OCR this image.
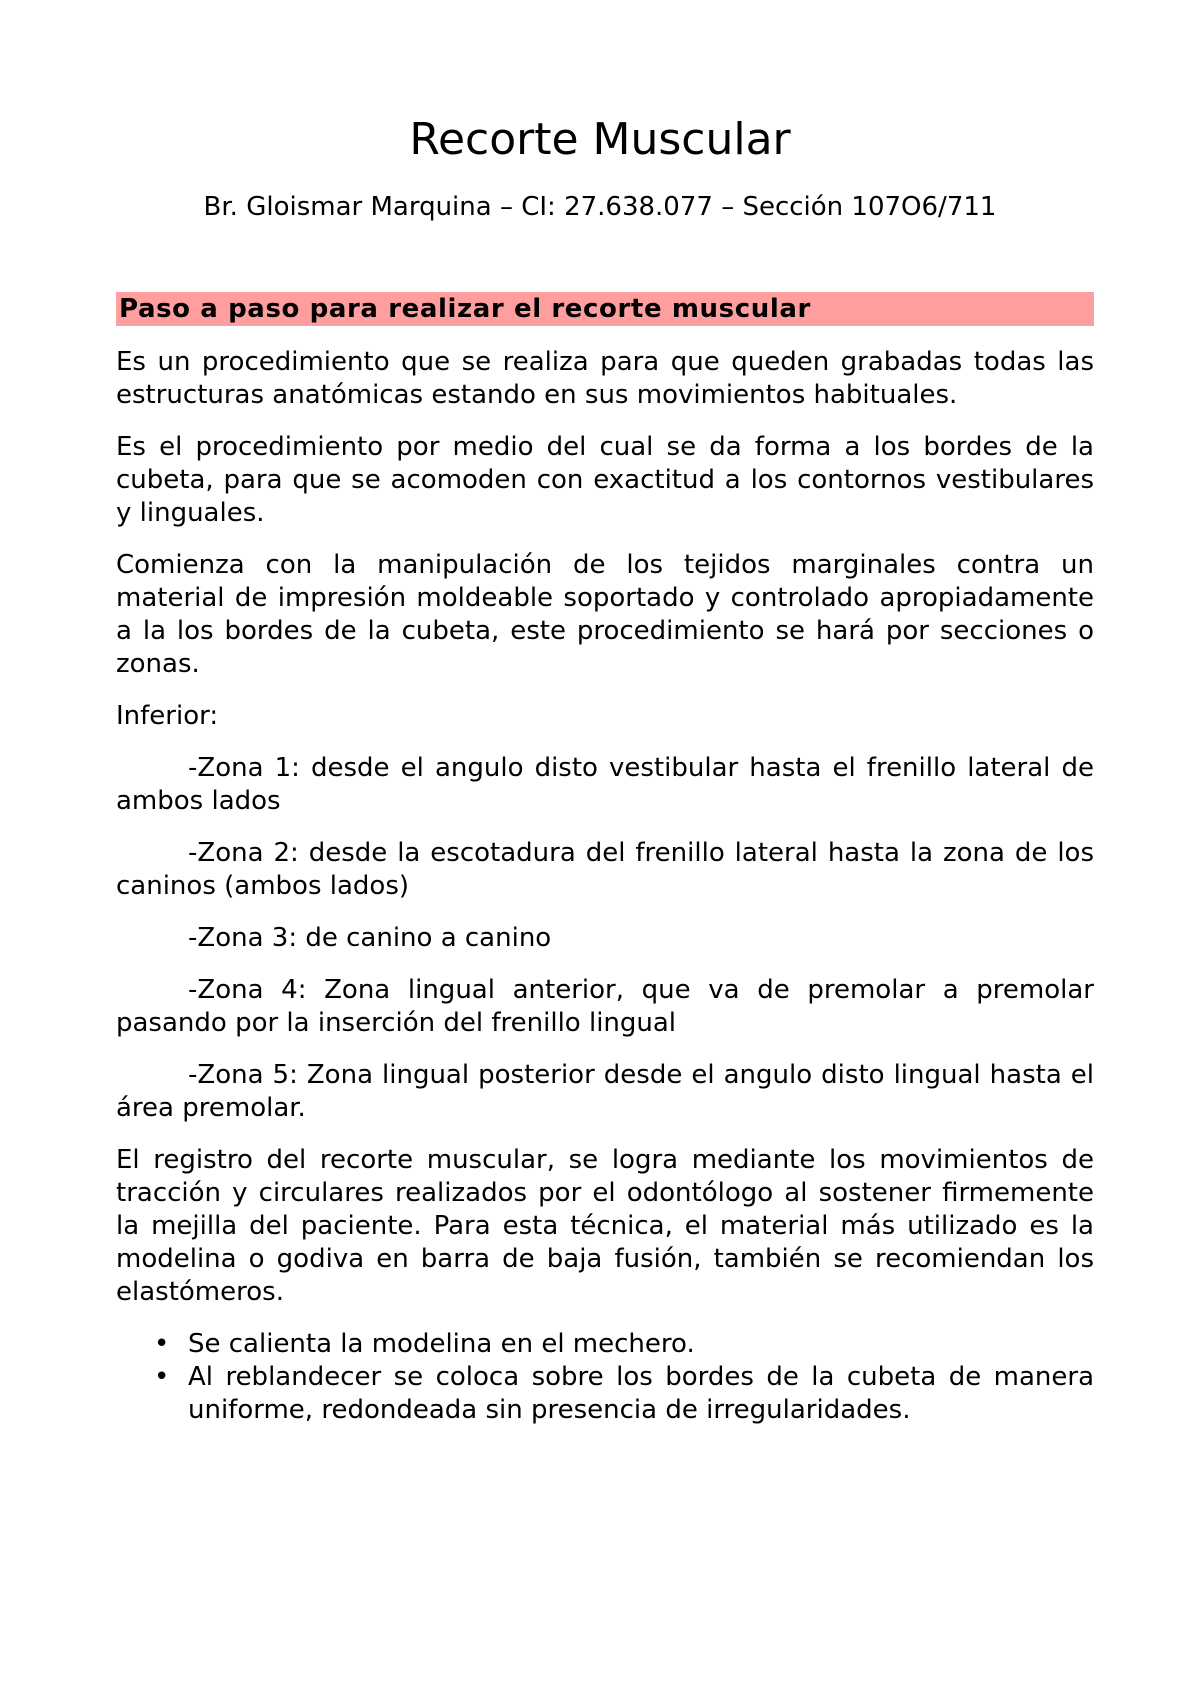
Recorte Muscular

Br. Gloismar Marquina – CI: 27.638.077 – Sección 107O6/711

Paso a paso para realizar el recorte muscular

Es un procedimiento que se realiza para que queden grabadas todas las estructuras anatómicas estando en sus movimientos habituales.

Es el procedimiento por medio del cual se da forma a los bordes de la cubeta, para que se acomoden con exactitud a los contornos vestibulares y linguales.

Comienza con la manipulación de los tejidos marginales contra un material de impresión moldeable soportado y controlado apropiadamente a la los bordes de la cubeta, este procedimiento se hará por secciones o zonas.

Inferior:

-Zona 1: desde el angulo disto vestibular hasta el frenillo lateral de ambos lados

-Zona 2: desde la escotadura del frenillo lateral hasta la zona de los caninos (ambos lados)

-Zona 3: de canino a canino

-Zona 4: Zona lingual anterior, que va de premolar a premolar pasando por la inserción del frenillo lingual

-Zona 5: Zona lingual posterior desde el angulo disto lingual hasta el área premolar.

El registro del recorte muscular, se logra mediante los movimientos de tracción y circulares realizados por el odontólogo al sostener firmemente la mejilla del paciente. Para esta técnica, el material más utilizado es la modelina o godiva en barra de baja fusión, también se recomiendan los elastómeros.

• Se calienta la modelina en el mechero.
• Al reblandecer se coloca sobre los bordes de la cubeta de manera uniforme, redondeada sin presencia de irregularidades.
